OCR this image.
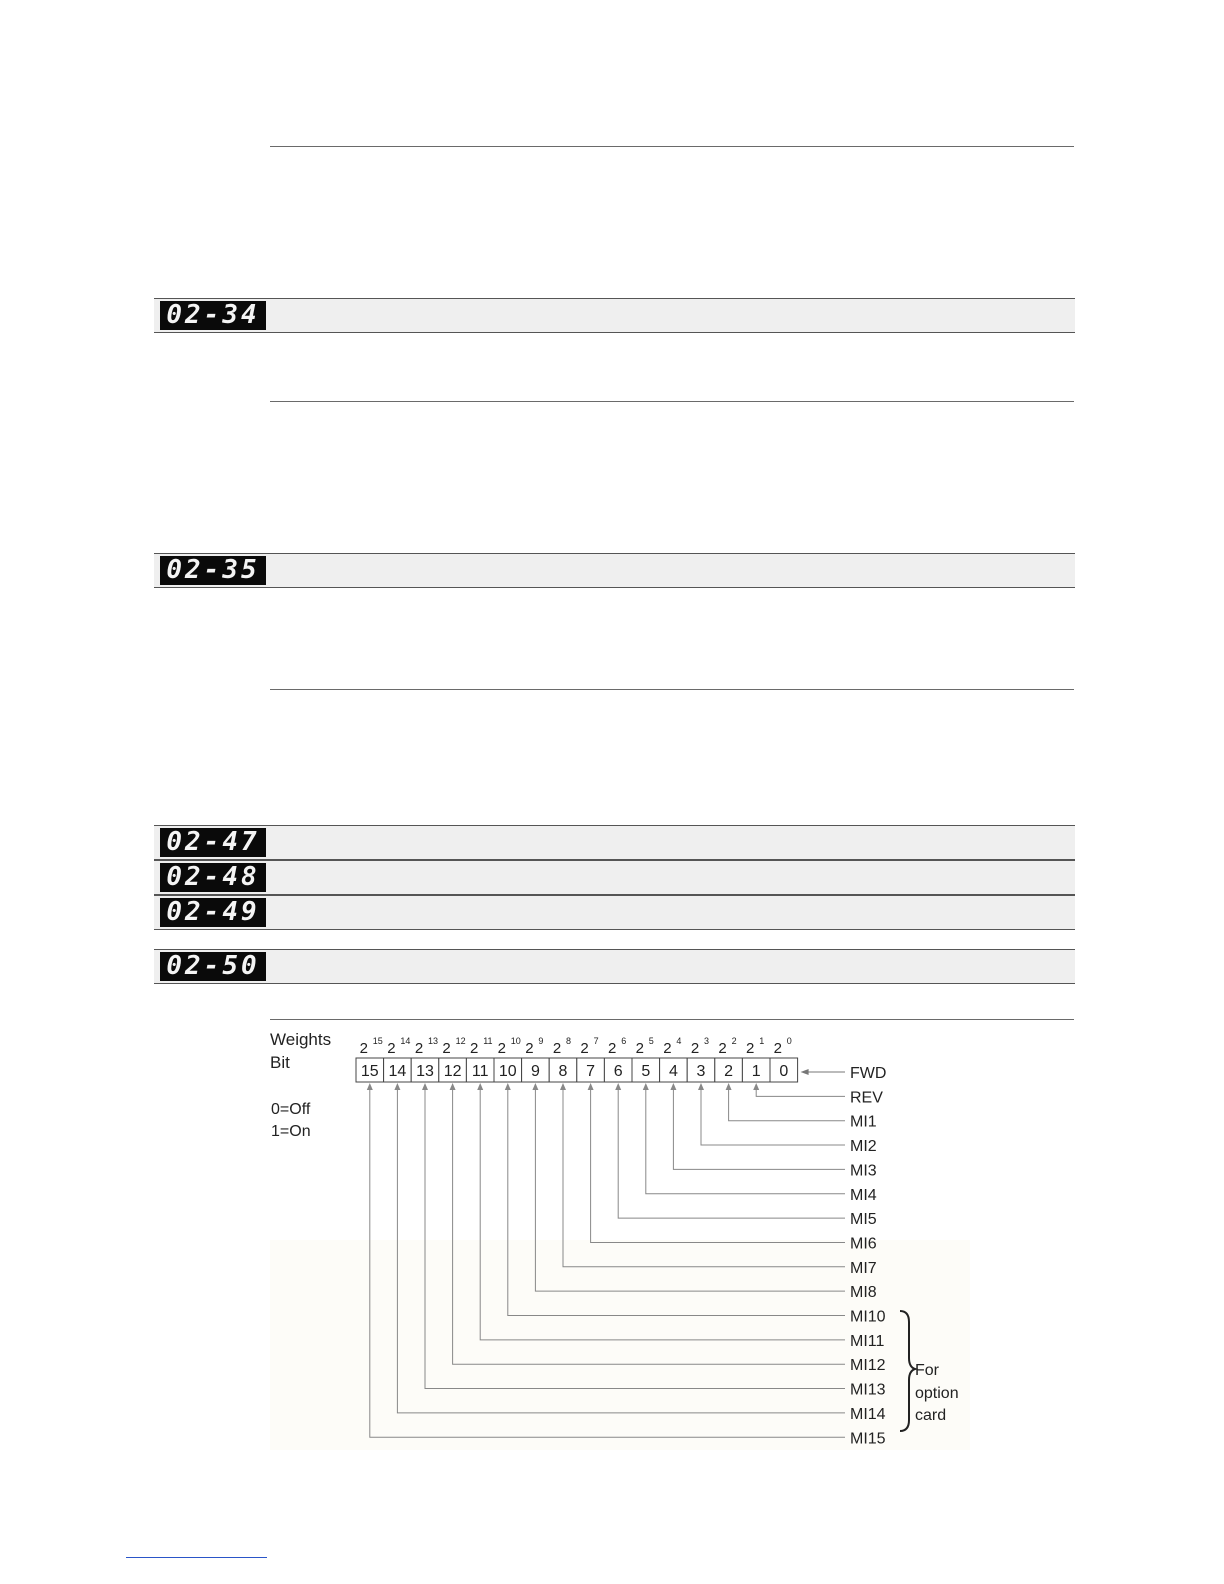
02-34
02-35
02-47
02-48
02-49
02-50
Weights
Bit
0=Off
1=On
2 15 2 14 2 13 2 12 2 11 2 10 2 9 2 8 2 7 2 6 2 5 2 4 2 3 2 2 2 1 2 0
15 14 13 12 11 10 9 8 7 6 5 4 3 2 1 0	FWD
REV
MI1
MI2
MI3
MI4
MI5
MI6
MI7
MI8
MI10
MI11
MI12
MI13
MI14
MI15
For
option
card
